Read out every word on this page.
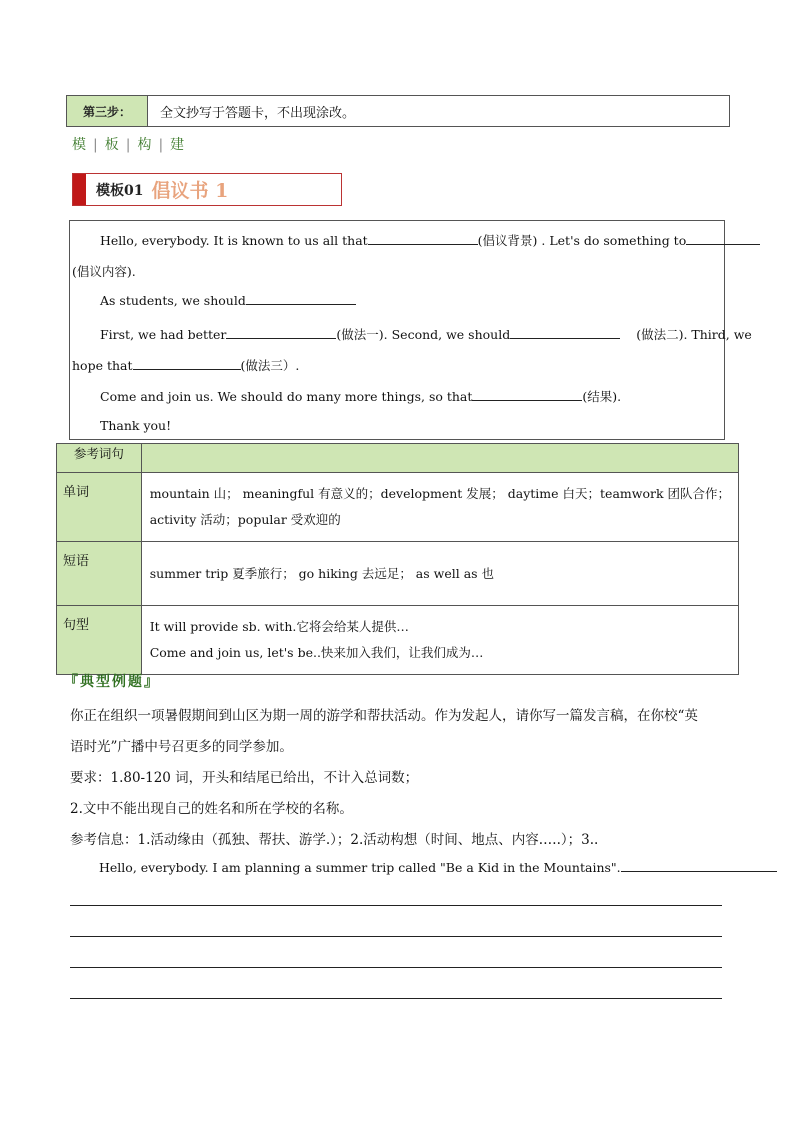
第三步：	全文抄写于答题卡，不出现涂改。
模 | 板 | 构 | 建
模板01 倡议书 1
Hello, everybody. It is known to us all that	(倡议背景) . Let's do something to
(倡议内容).
As students, we should
First, we had better	(做法一). Second, we should	(做法二). Third, we
hope that	(做法三）.
Come and join us. We should do many more things, so that	(结果).
Thank you!
参考词句	
单词	mountain 山； meaningful 有意义的；development 发展； daytime 白天；teamwork 团队合作；
activity 活动；popular 受欢迎的

短语	summer trip 夏季旅行； go hiking 去远足； as well as 也

句型	It will provide sb. with.它将会给某人提供…
Come and join us, let's be..快来加入我们，让我们成为…
『典型例题』
你正在组织一项暑假期间到山区为期一周的游学和帮扶活动。作为发起人，请你写一篇发言稿，在你校“英
语时光”广播中号召更多的同学参加。
要求：1.80-120 词，开头和结尾已给出，不计入总词数；
2.文中不能出现自己的姓名和所在学校的名称。
参考信息：1.活动缘由（孤独、帮扶、游学.）；2.活动构想（时间、地点、内容.….）；3..
Hello, everybody. I am planning a summer trip called "Be a Kid in the Mountains".
